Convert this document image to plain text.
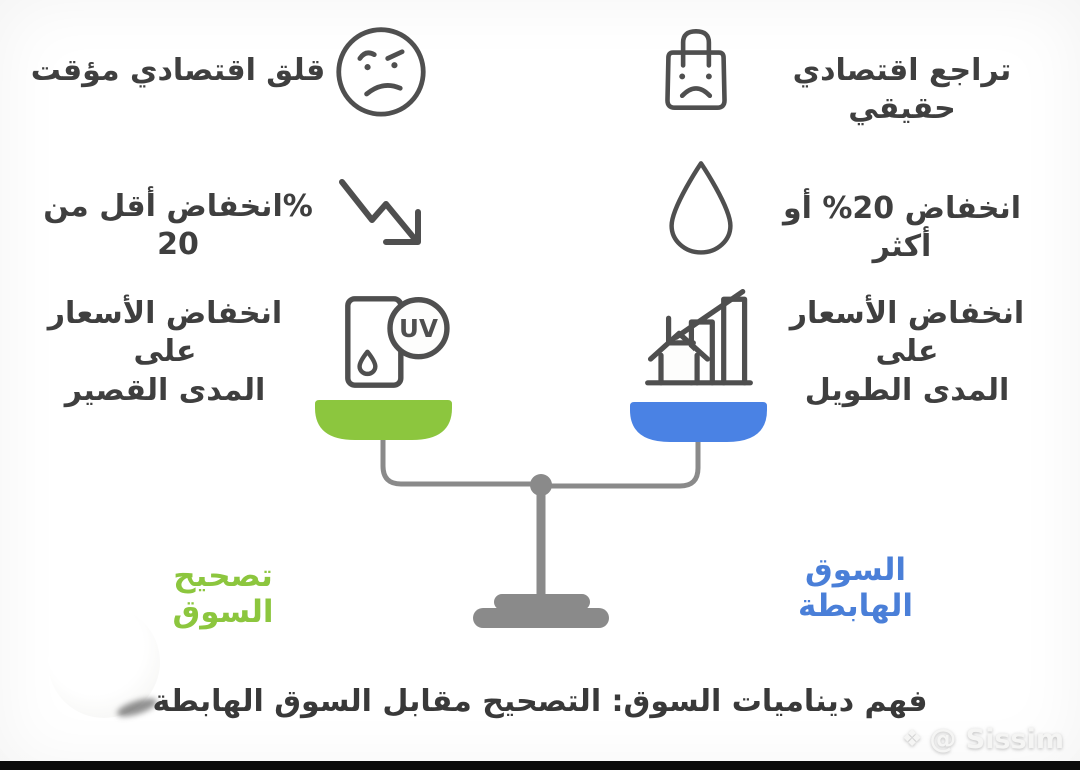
قلق اقتصادي مؤقت	تراجع اقتصادي حقيقي
%انخفاض أقل من 20
انخفاض 20% أو أكثر
انخفاض الأسعار على
المدى القصير
UV	انخفاض الأسعار على
المدى الطويل
تصحيح السوق
السوق الهابطة
فهم ديناميات السوق: التصحيح مقابل السوق الهابطة
❖ @ Sissim
